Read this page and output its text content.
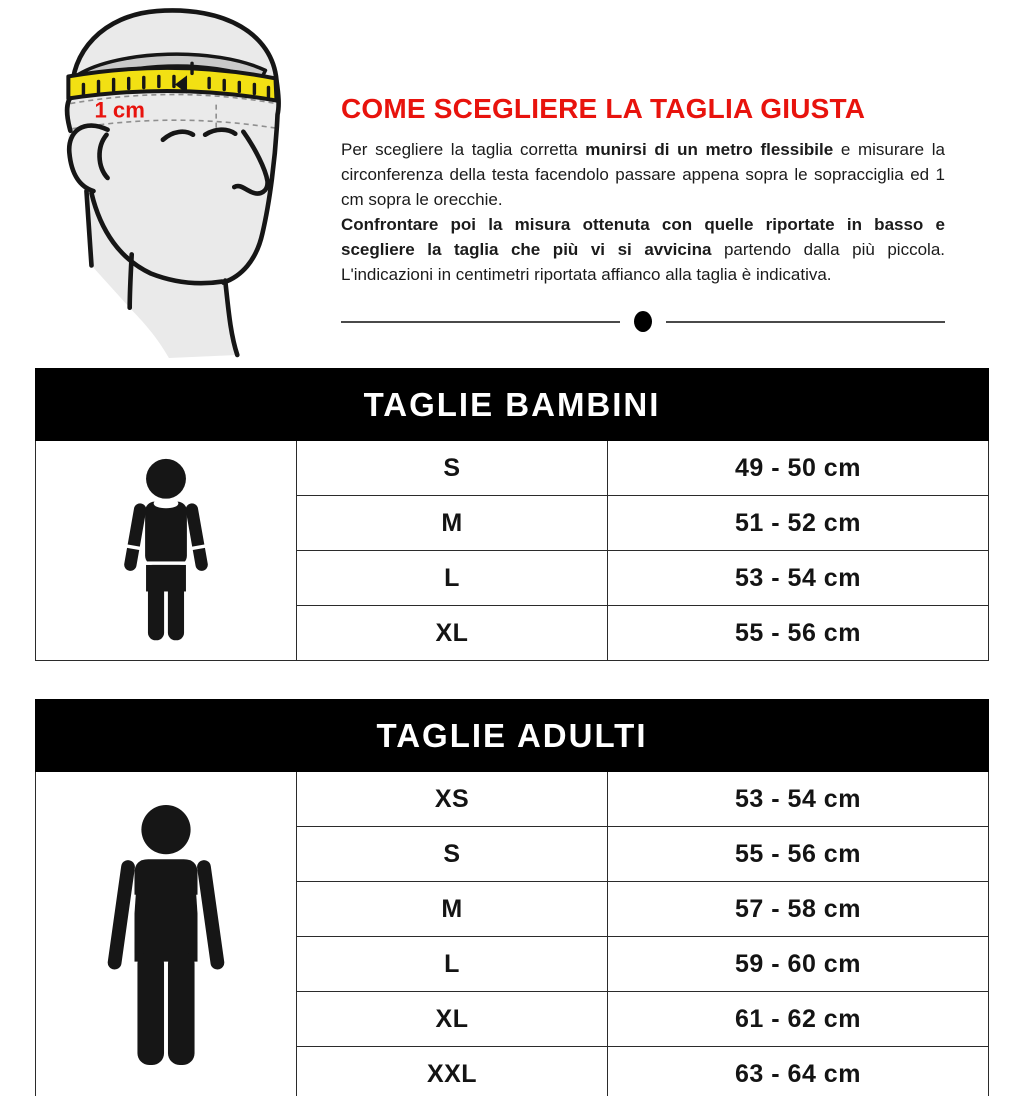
1 cm	COME SCEGLIERE LA TAGLIA GIUSTA

Per scegliere la taglia corretta munirsi di un metro flessibile e misurare la circonferenza della testa facendolo passare appena sopra le sopracciglia ed 1 cm sopra le orecchie.
Confrontare poi la misura ottenuta con quelle riportate in basso e scegliere la taglia che più vi si avvicina partendo dalla più piccola. L'indicazioni in centimetri riportata affianco alla taglia è indicativa.

TAGLIE BAMBINI		

	S	49 - 50 cm
	M	51 - 52 cm
	L	53 - 54 cm
	XL	55 - 56 cm
TAGLIE ADULTI		

	XS	53 - 54 cm
	S	55 - 56 cm
	M	57 - 58 cm
	L	59 - 60 cm
	XL	61 - 62 cm
	XXL	63 - 64 cm
